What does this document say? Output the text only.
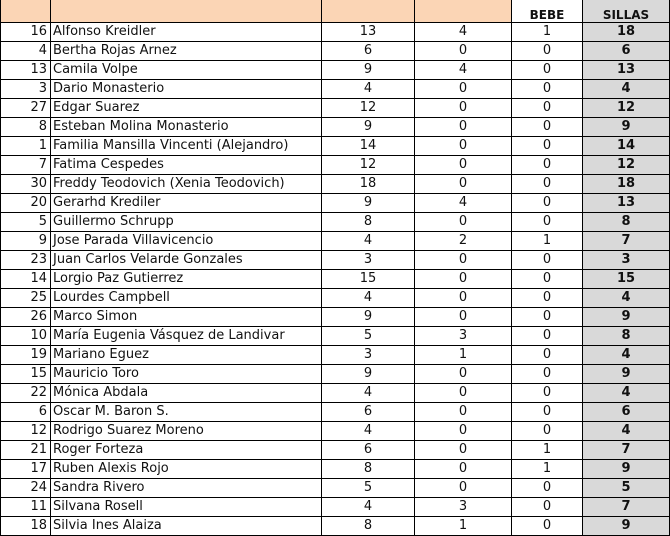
				BEBE	SILLAS
16	Alfonso Kreidler	13	4	1	18
4	Bertha Rojas Arnez	6	0	0	6
13	Camila Volpe	9	4	0	13
3	Dario Monasterio	4	0	0	4
27	Edgar Suarez	12	0	0	12
8	Esteban Molina Monasterio	9	0	0	9
1	Familia Mansilla Vincenti (Alejandro)	14	0	0	14
7	Fatima Cespedes	12	0	0	12
30	Freddy Teodovich (Xenia Teodovich)	18	0	0	18
20	Gerarhd Krediler	9	4	0	13
5	Guillermo Schrupp	8	0	0	8
9	Jose Parada Villavicencio	4	2	1	7
23	Juan Carlos Velarde Gonzales	3	0	0	3
14	Lorgio Paz Gutierrez	15	0	0	15
25	Lourdes Campbell	4	0	0	4
26	Marco Simon	9	0	0	9
10	María Eugenia Vásquez de Landivar	5	3	0	8
19	Mariano Eguez	3	1	0	4
15	Mauricio Toro	9	0	0	9
22	Mónica Abdala	4	0	0	4
6	Oscar M. Baron S.	6	0	0	6
12	Rodrigo Suarez Moreno	4	0	0	4
21	Roger Forteza	6	0	1	7
17	Ruben Alexis Rojo	8	0	1	9
24	Sandra Rivero	5	0	0	5
11	Silvana Rosell	4	3	0	7
18	Silvia Ines Alaiza	8	1	0	9
